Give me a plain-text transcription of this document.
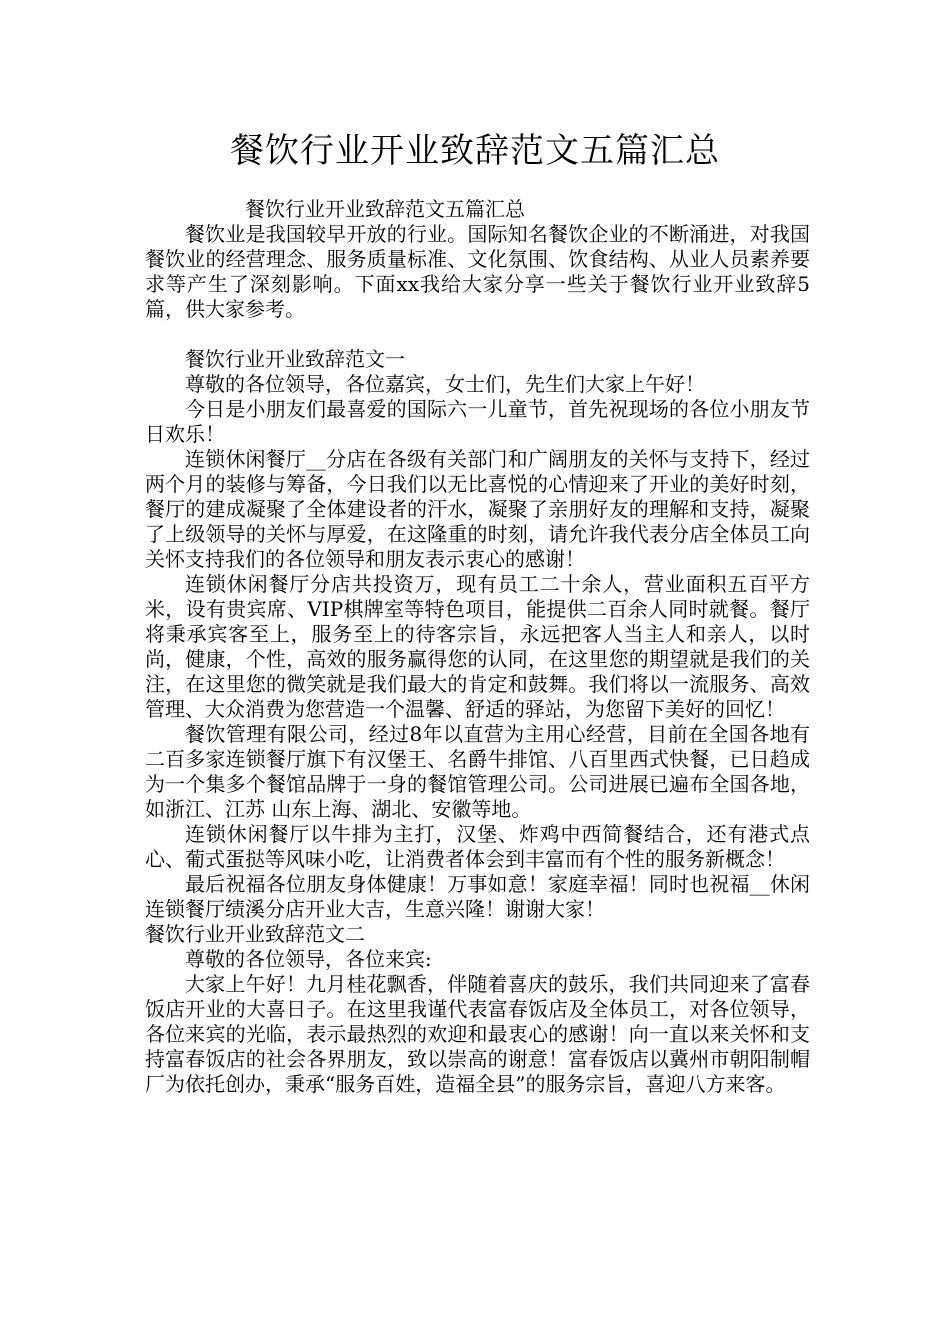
餐饮行业开业致辞范文五篇汇总

餐饮行业开业致辞范文五篇汇总

餐饮业是我国较早开放的行业。国际知名餐饮企业的不断涌进，对我国餐饮业的经营理念、服务质量标准、文化氛围、饮食结构、从业人员素养要求等产生了深刻影响。下面xx我给大家分享一些关于餐饮行业开业致辞5篇，供大家参考。

餐饮行业开业致辞范文一

尊敬的各位领导，各位嘉宾，女士们，先生们大家上午好！

今日是小朋友们最喜爱的国际六一儿童节，首先祝现场的各位小朋友节日欢乐！

连锁休闲餐厅__分店在各级有关部门和广阔朋友的关怀与支持下，经过两个月的装修与筹备，今日我们以无比喜悦的心情迎来了开业的美好时刻，餐厅的建成凝聚了全体建设者的汗水，凝聚了亲朋好友的理解和支持，凝聚了上级领导的关怀与厚爱，在这隆重的时刻，请允许我代表分店全体员工向关怀支持我们的各位领导和朋友表示衷心的感谢！

连锁休闲餐厅分店共投资万，现有员工二十余人，营业面积五百平方米，设有贵宾席、VIP棋牌室等特色项目，能提供二百余人同时就餐。餐厅将秉承宾客至上，服务至上的待客宗旨，永远把客人当主人和亲人，以时尚，健康，个性，高效的服务赢得您的认同，在这里您的期望就是我们的关注，在这里您的微笑就是我们最大的肯定和鼓舞。我们将以一流服务、高效管理、大众消费为您营造一个温馨、舒适的驿站，为您留下美好的回忆！

餐饮管理有限公司，经过8年以直营为主用心经营，目前在全国各地有二百多家连锁餐厅旗下有汉堡王、名爵牛排馆、八百里西式快餐，已日趋成为一个集多个餐馆品牌于一身的餐馆管理公司。公司进展已遍布全国各地，如浙江、江苏 山东上海、湖北、安徽等地。

连锁休闲餐厅以牛排为主打，汉堡、炸鸡中西简餐结合，还有港式点心、葡式蛋挞等风味小吃，让消费者体会到丰富而有个性的服务新概念！

最后祝福各位朋友身体健康！万事如意！家庭幸福！同时也祝福__休闲连锁餐厅绩溪分店开业大吉，生意兴隆！谢谢大家！

餐饮行业开业致辞范文二

尊敬的各位领导，各位来宾:

大家上午好！九月桂花飘香，伴随着喜庆的鼓乐，我们共同迎来了富春饭店开业的大喜日子。在这里我谨代表富春饭店及全体员工，对各位领导，各位来宾的光临，表示最热烈的欢迎和最衷心的感谢！向一直以来关怀和支持富春饭店的社会各界朋友，致以崇高的谢意！富春饭店以冀州市朝阳制帽厂为依托创办，秉承“服务百姓，造福全县”的服务宗旨，喜迎八方来客。
